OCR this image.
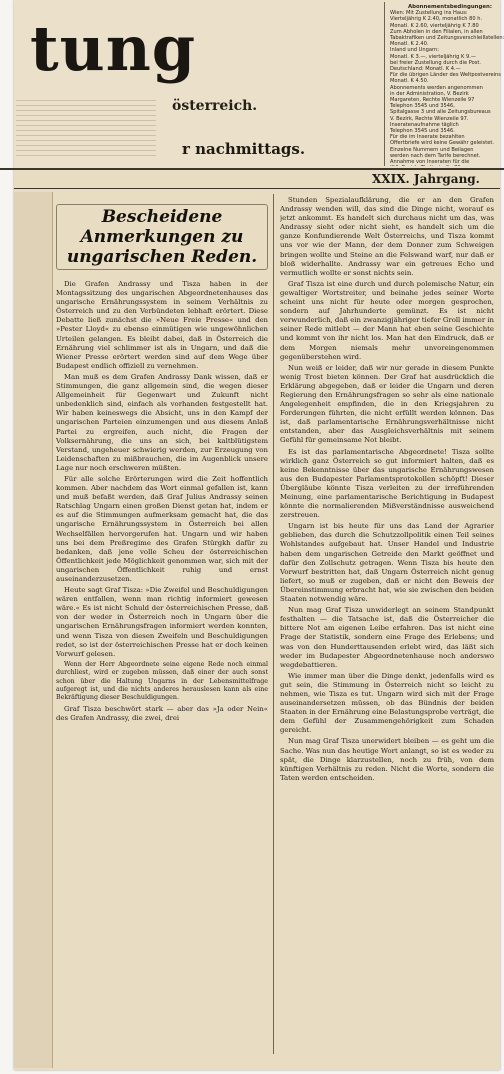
tung
österreich.
r nachmittags.
Abonnementsbedingungen:
Wien: Mit Zustellung ins Haus:
Vierteljährig K 2.40, monatlich 80 h.
Monatl. K 2.60, vierteljährig K 7.80
Zum Abholen in den Filialen, in allen
Tabaktrafiken und Zeitungsverschleißstellen:
Monatl. K 2.40.
Inland und Ungarn:
Monatl. K 3.—, vierteljährig K 9.—
bei freier Zustellung durch die Post.
Deutschland: Monatl. K 4.—
Für die übrigen Länder des Weltpostvereins
Monatl. K 4.50.
Abonnements werden angenommen
in der Administration, V. Bezirk
Margareten, Rechte Wienzeile 97
Telephon 3545 und 3546,
Spitalgasse 3 und alle Zeitungsbureaus
V. Bezirk, Rechte Wienzeile 97.
Inseratenaufnahme täglich
Telephon 3545 und 3546.
Für die im Inserate bezahlten
Offertbriefe wird keine Gewähr geleistet.
Einzelne Nummern und Beilagen
werden nach dem Tarife berechnet.
Annahme von Inseraten für die
XXIX. Jahrgang.
Bescheidene Anmerkungen zu
ungarischen Reden.

Die Grafen Andrassy und Tisza haben in der Montagssitzung des ungarischen Abgeordnetenhauses das ungarische Ernährungssystem in seinem Verhältnis zu Österreich und zu den Verbündeten lebhaft erörtert. Diese Debatte ließ zunächst die »Neue Freie Presse« und den »Pester Lloyd« zu ebenso einmütigen wie ungewöhnlichen Urteilen gelangen. Es bleibt dabei, daß in Österreich die Ernährung viel schlimmer ist als in Ungarn, und daß die Wiener Presse erörtert werden sind auf dem Wege über Budapest endlich offiziell zu vernehmen.

Man muß es dem Grafen Andrassy Dank wissen, daß er Stimmungen, die ganz allgemein sind, die wegen dieser Allgemeinheit für Gegenwart und Zukunft nicht unbedenklich sind, einfach als vorhanden festgestellt hat. Wir haben keineswegs die Absicht, uns in den Kampf der ungarischen Parteien einzumengen und aus diesem Anlaß Partei zu ergreifen, auch nicht, die Fragen der Volksernährung, die uns an sich, bei kaltblütigstem Verstand, ungeheuer schwierig werden, zur Erzeugung von Leidenschaften zu mißbrauchen, die im Augenblick unsere Lage nur noch erschweren müßten.

Für alle solche Erörterungen wird die Zeit hoffentlich kommen. Aber nachdem das Wort einmal gefallen ist, kann und muß befaßt werden, daß Graf Julius Andrassy seinen Ratschlag Ungarn einen großen Dienst getan hat, indem er es auf die Stimmungen aufmerksam gemacht hat, die das ungarische Ernährungssystem in Österreich bei allen Wechselfällen hervorgerufen hat. Ungarn und wir haben uns bei dem Preßregime des Grafen Stürgkh dafür zu bedanken, daß jene volle Scheu der österreichischen Öffentlichkeit jede Möglichkeit genommen war, sich mit der ungarischen Öffentlichkeit ruhig und ernst auseinanderzusetzen.

Heute sagt Graf Tisza: »Die Zweifel und Beschuldigungen wären entfallen, wenn man richtig informiert gewesen wäre.« Es ist nicht Schuld der österreichischen Presse, daß von der weder in Österreich noch in Ungarn über die ungarischen Ernährungsfragen informiert werden konnten, und wenn Tisza von diesen Zweifeln und Beschuldigungen redet, so ist der österreichischen Presse hat er doch keinen Vorwurf gelesen.

Wenn der Herr Abgeordnete seine eigene Rede noch einmal durchliest, wird er zugeben müssen, daß einer der auch sonst schon über die Haltung Ungarns in der Lebensmittelfrage aufgeregt ist, und die nichts anderes herauslesen kann als eine Bekräftigung dieser Beschuldigungen.

Graf Tisza beschwört stark — aber das »Ja oder Nein« des Grafen Andrassy, die zwei, drei

Stunden Spezialaufklärung, die er an den Grafen Andrassy wenden will, das sind die Dinge nicht, worauf es jetzt ankommt. Es handelt sich durchaus nicht um das, was Andrassy sieht oder nicht sieht, es handelt sich um die ganze Konfundierende Welt Österreichs, und Tisza kommt uns vor wie der Mann, der dem Donner zum Schweigen bringen wollte und Steine an die Felswand warf, nur daß er bloß widerhallte. Andrassy war ein getreues Echo und vermutlich wollte er sonst nichts sein.

Graf Tisza ist eine durch und durch polemische Natur, ein gewaltiger Wortstreiter, und beinahe jedes seiner Worte scheint uns nicht für heute oder morgen gesprochen, sondern auf Jahrhunderte gemünzt. Es ist nicht verwunderlich, daß ein zwanzigjähriger tiefer Groll immer in seiner Rede mitlebt — der Mann hat eben seine Geschichte und kommt von ihr nicht los. Man hat den Eindruck, daß er dem Morgen niemals mehr unvoreingenommen gegenüberstehen wird.

Nun weiß er leider, daß wir nur gerade in diesem Punkte wenig Trost bieten können. Der Graf hat ausdrücklich die Erklärung abgegeben, daß er leider die Ungarn und deren Regierung den Ernährungsfragen so sehr als eine nationale Angelegenheit empfinden, die in den Kriegsjahren zu Forderungen führten, die nicht erfüllt werden können. Das ist, daß parlamentarische Ernährungsverhältnisse nicht entstanden, aber das Ausgleichsverhältnis mit seinem Gefühl für gemeinsame Not bleibt.

Es ist das parlamentarische Abgeordnete! Tisza sollte wirklich ganz Österreich so gut informiert halten, daß es keine Bekenntnisse über das ungarische Ernährungswesen aus den Budapester Parlamentsprotokollen schöpft! Dieser Übergläube könnte Tisza verleiten zu der irreführenden Meinung, eine parlamentarische Berichtigung in Budapest könnte die normalierenden Mißverständnisse ausweichend zerstreuen.

Ungarn ist bis heute für uns das Land der Agrarier geblieben, das durch die Schutzzollpolitik einen Teil seines Wohlstandes aufgebaut hat. Unser Handel und Industrie haben dem ungarischen Getreide den Markt geöffnet und dafür den Zollschutz getragen. Wenn Tisza bis heute den Vorwurf bestritten hat, daß Ungarn Österreich nicht genug liefert, so muß er zugeben, daß er nicht den Beweis der Übereinstimmung erbracht hat, wie sie zwischen den beiden Staaten notwendig wäre.

Nun mag Graf Tisza unwiderlegt an seinem Standpunkt festhalten — die Tatsache ist, daß die Österreicher die bittere Not am eigenen Leibe erfahren. Das ist nicht eine Frage der Statistik, sondern eine Frage des Erlebens; und was von den Hunderttausenden erlebt wird, das läßt sich weder im Budapester Abgeordnetenhause noch anderswo wegdebattieren.

Wie immer man über die Dinge denkt, jedenfalls wird es gut sein, die Stimmung in Österreich nicht so leicht zu nehmen, wie Tisza es tut. Ungarn wird sich mit der Frage auseinandersetzen müssen, ob das Bündnis der beiden Staaten in der Ernährung eine Belastungsprobe verträgt, die dem Gefühl der Zusammengehörigkeit zum Schaden gereicht.

Nun mag Graf Tisza unerwidert bleiben — es geht um die Sache. Was nun das heutige Wort anlangt, so ist es weder zu spät, die Dinge klarzustellen, noch zu früh, von dem künftigen Verhältnis zu reden. Nicht die Worte, sondern die Taten werden entscheiden.
